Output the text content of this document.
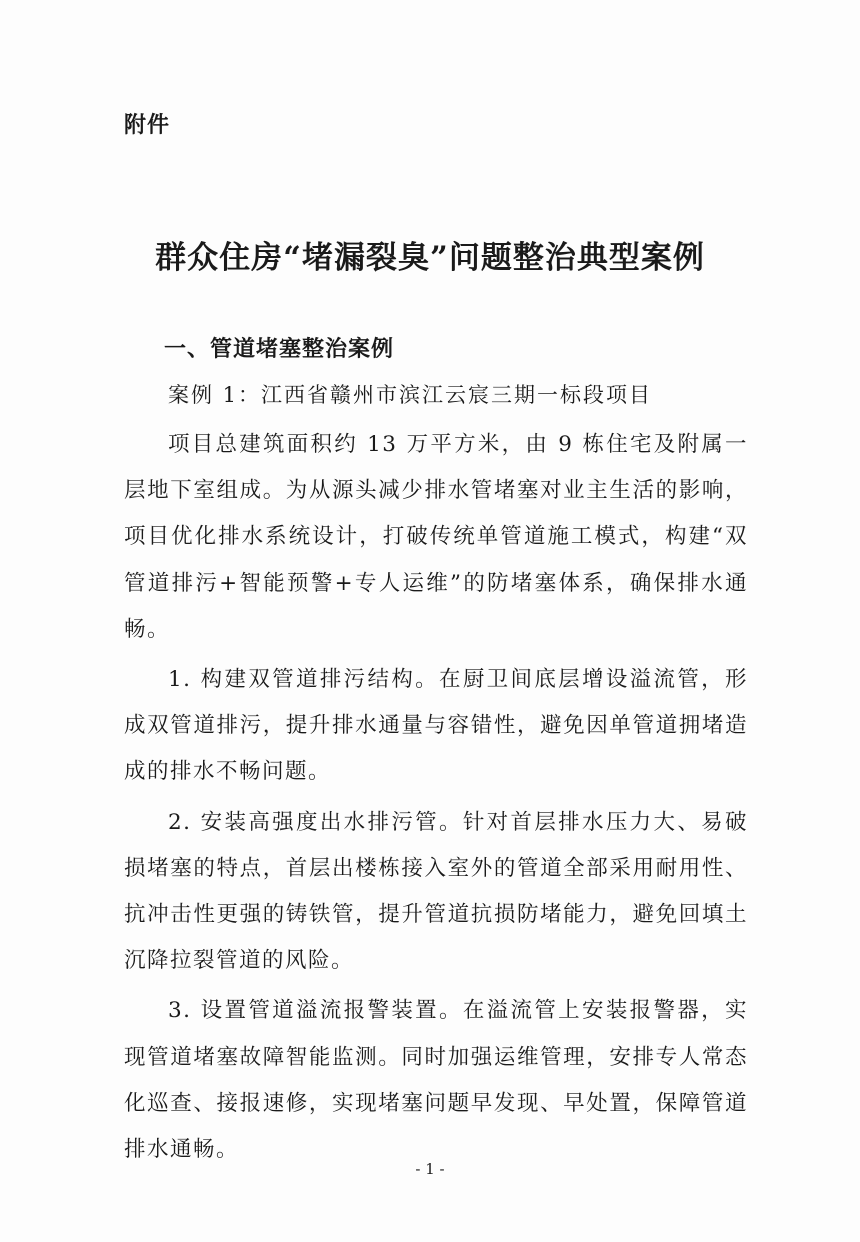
附件

群众住房“堵漏裂臭”问题整治典型案例
一、管道堵塞整治案例

案例 1：江西省赣州市滨江云宸三期一标段项目

项目总建筑面积约 13 万平方米，由 9 栋住宅及附属一层地下室组成。为从源头减少排水管堵塞对业主生活的影响，项目优化排水系统设计，打破传统单管道施工模式，构建“双管道排污+智能预警+专人运维”的防堵塞体系，确保排水通畅。

1. 构建双管道排污结构。在厨卫间底层增设溢流管，形成双管道排污，提升排水通量与容错性，避免因单管道拥堵造成的排水不畅问题。

2. 安装高强度出水排污管。针对首层排水压力大、易破损堵塞的特点，首层出楼栋接入室外的管道全部采用耐用性、抗冲击性更强的铸铁管，提升管道抗损防堵能力，避免回填土沉降拉裂管道的风险。

3. 设置管道溢流报警装置。在溢流管上安装报警器，实现管道堵塞故障智能监测。同时加强运维管理，安排专人常态化巡查、接报速修，实现堵塞问题早发现、早处置，保障管道排水通畅。

- 1 -
